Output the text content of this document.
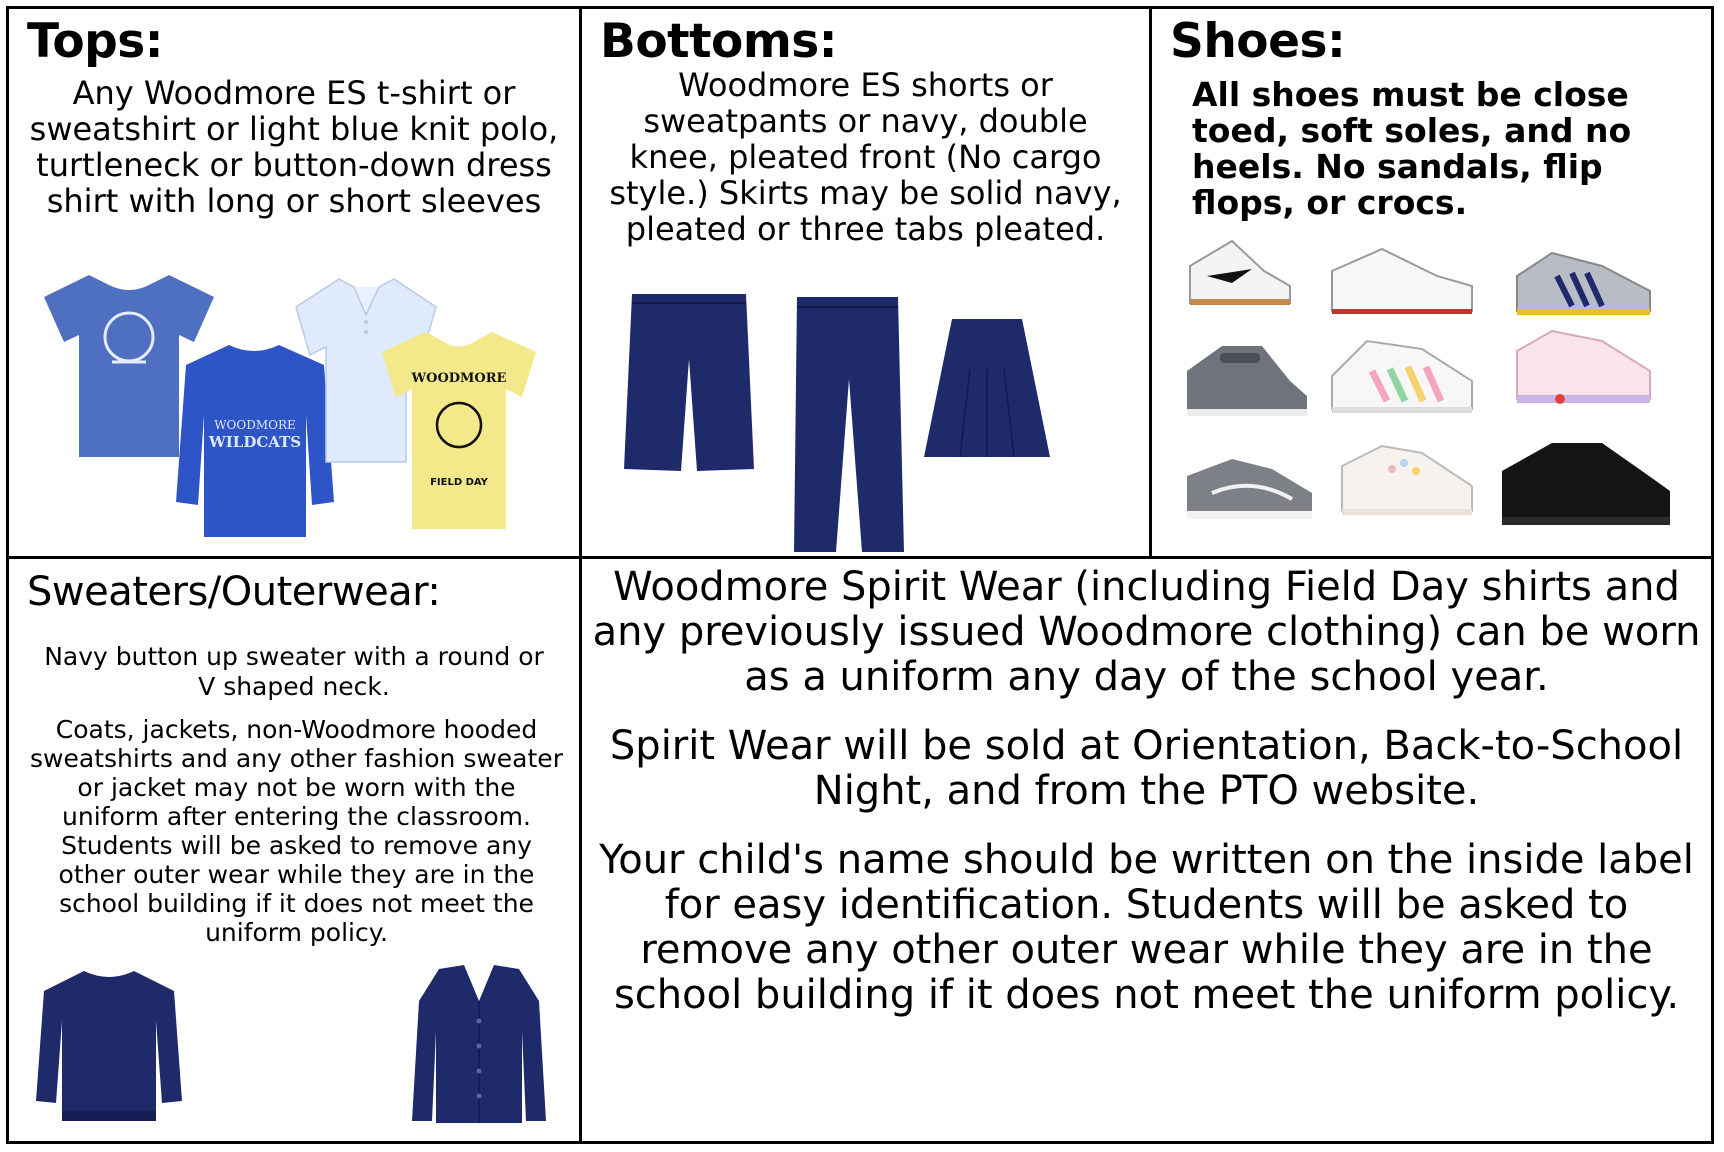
Tops:

Any Woodmore ES t-shirt or sweatshirt or light blue knit polo, turtleneck or button-down dress shirt with long or short sleeves

WILDCATS
WOODMORE
WOODMORE
FIELD DAY
Bottoms:

Woodmore ES shorts or sweatpants or navy, double knee, pleated front (No cargo style.) Skirts may be solid navy, pleated or three tabs pleated.

Shoes:

All shoes must be close toed, soft soles, and no heels. No sandals, flip flops, or crocs.

Sweaters/Outerwear:

Navy button up sweater with a round or V shaped neck.

Coats, jackets, non-Woodmore hooded sweatshirts and any other fashion sweater or jacket may not be worn with the uniform after entering the classroom. Students will be asked to remove any other outer wear while they are in the school building if it does not meet the uniform policy.

Woodmore Spirit Wear (including Field Day shirts and any previously issued Woodmore clothing) can be worn as a uniform any day of the school year.

Spirit Wear will be sold at Orientation, Back-to-School Night, and from the PTO website.

Your child's name should be written on the inside label for easy identification. Students will be asked to remove any other outer wear while they are in the school building if it does not meet the uniform policy.
